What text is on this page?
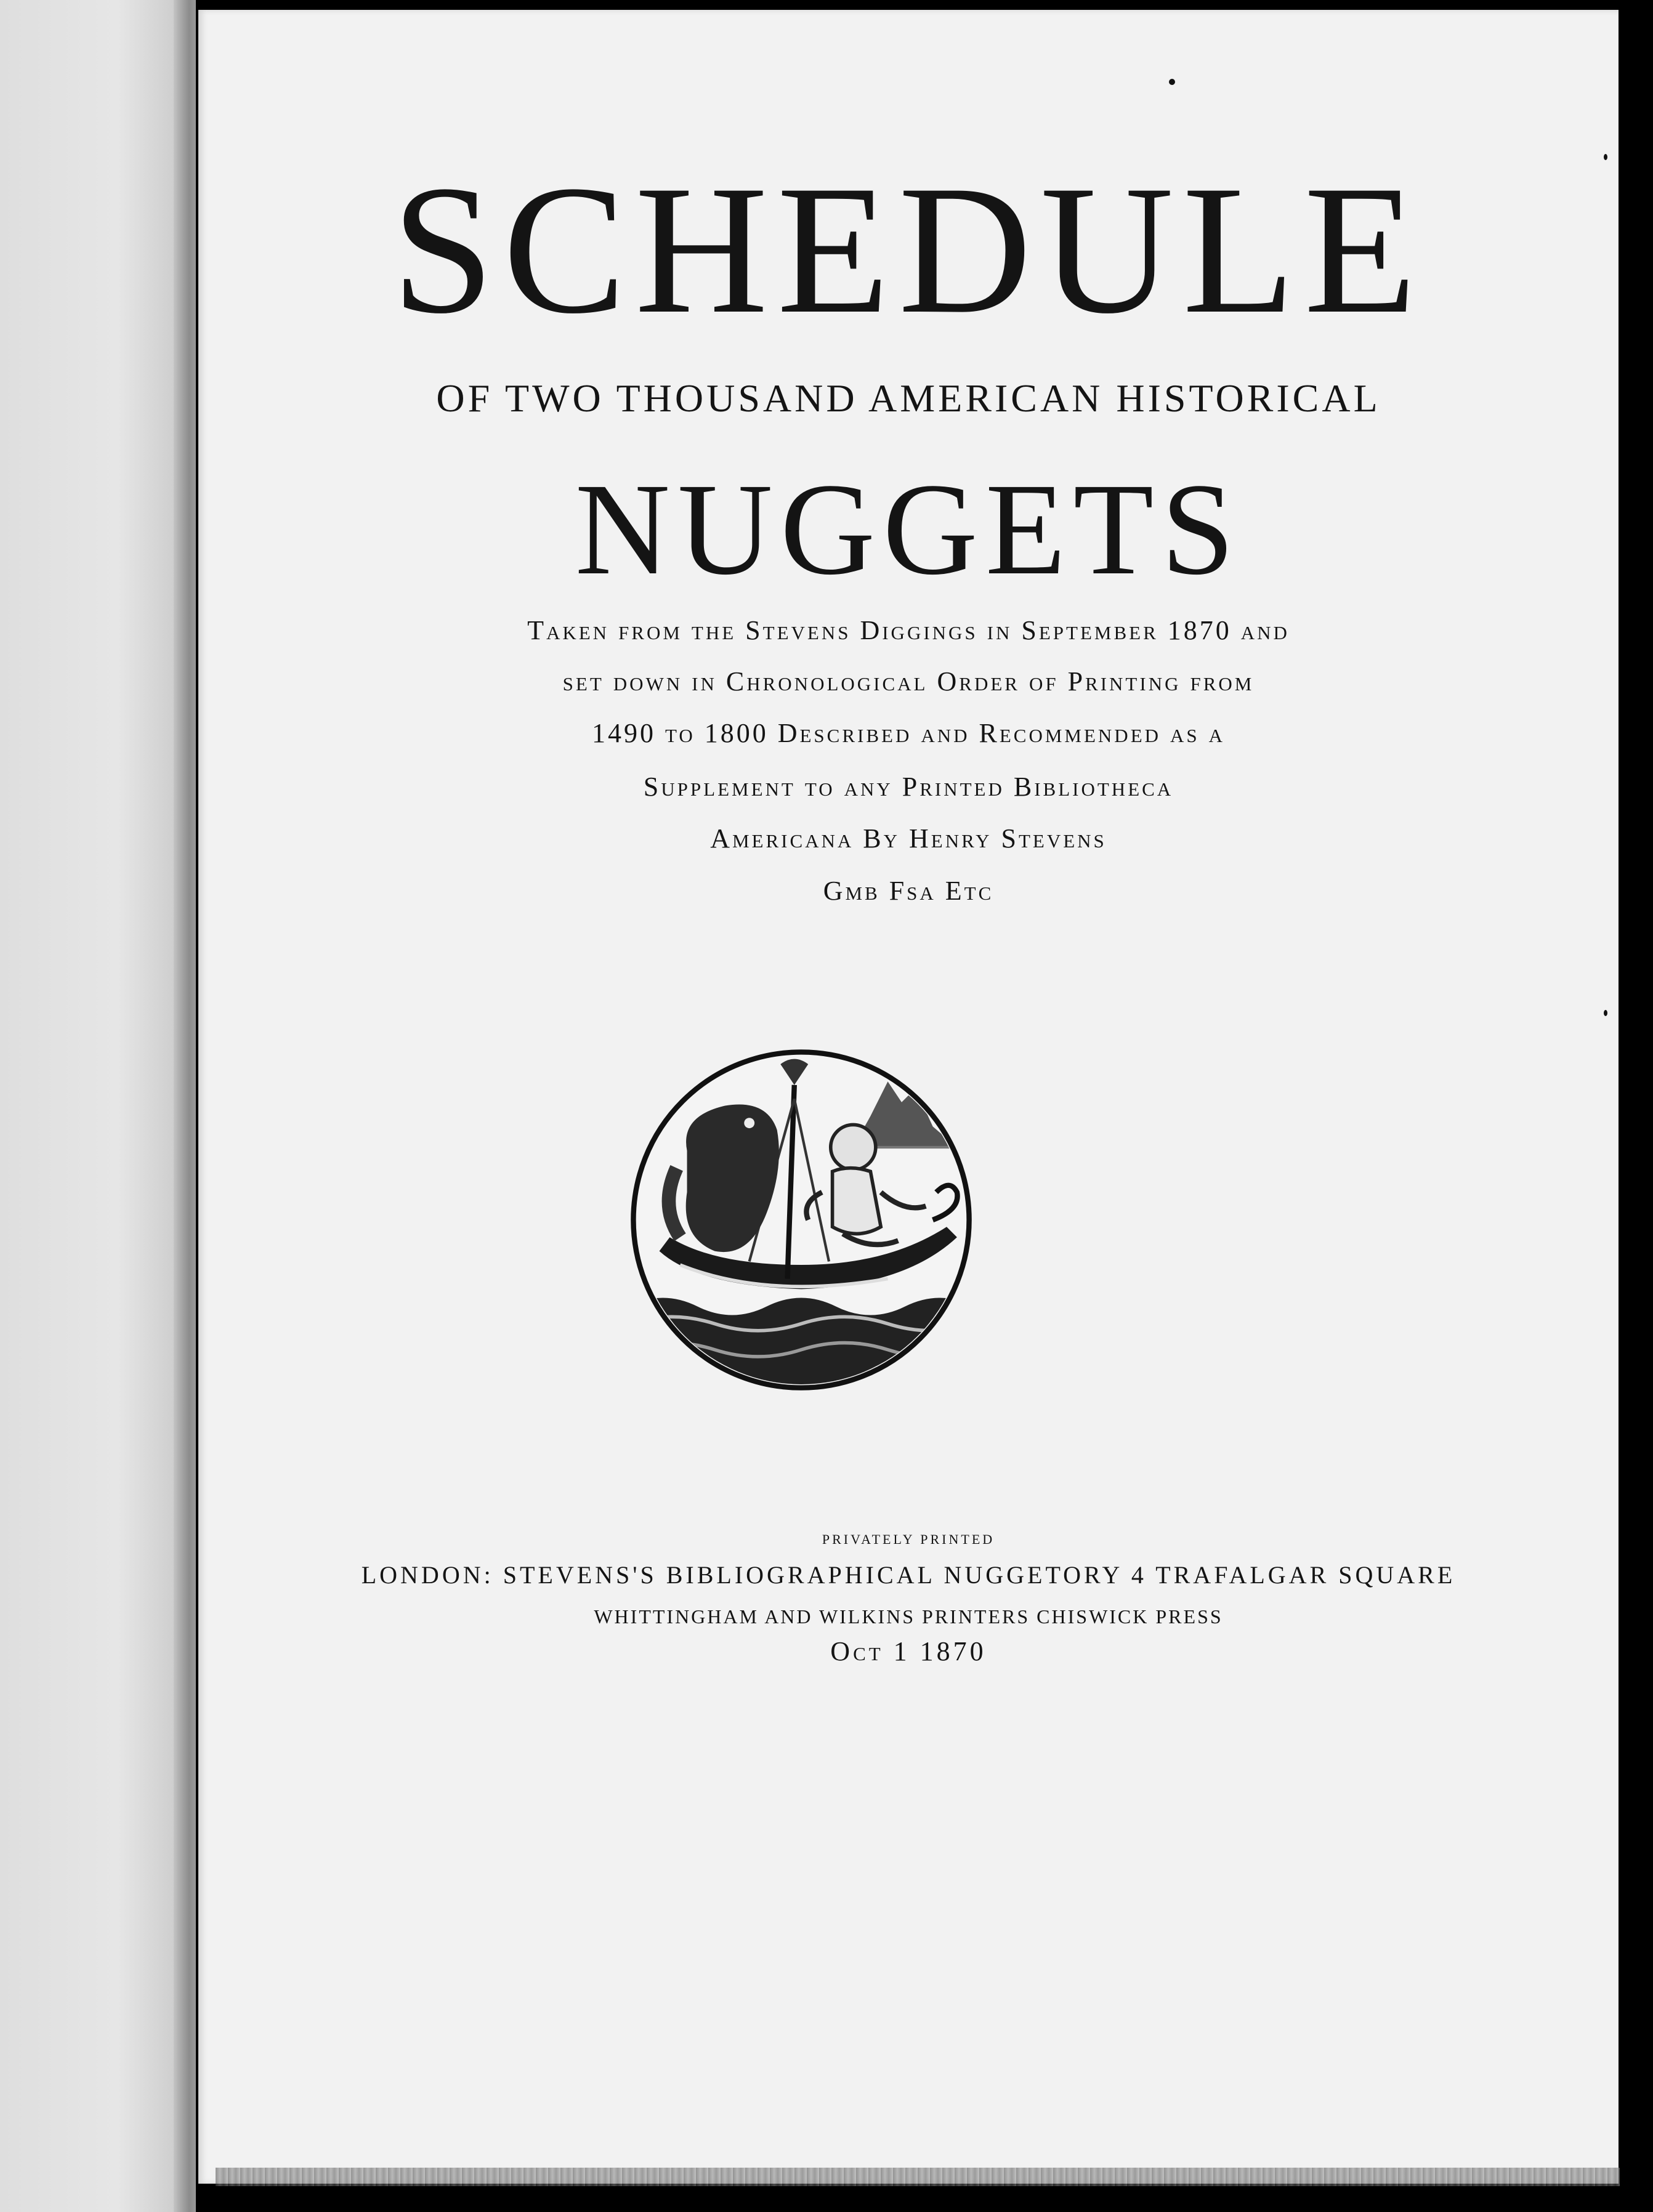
SCHEDULE
OF TWO THOUSAND AMERICAN HISTORICAL
NUGGETS
Taken from the Stevens Diggings in September 1870 and
set down in Chronological Order of Printing from
1490 to 1800 Described and Recommended as a
Supplement to any Printed Bibliotheca
Americana By Henry Stevens
Gmb Fsa Etc
PRIVATELY PRINTED
LONDON: STEVENS'S BIBLIOGRAPHICAL NUGGETORY 4 TRAFALGAR SQUARE
WHITTINGHAM AND WILKINS PRINTERS CHISWICK PRESS
Oct 1 1870
